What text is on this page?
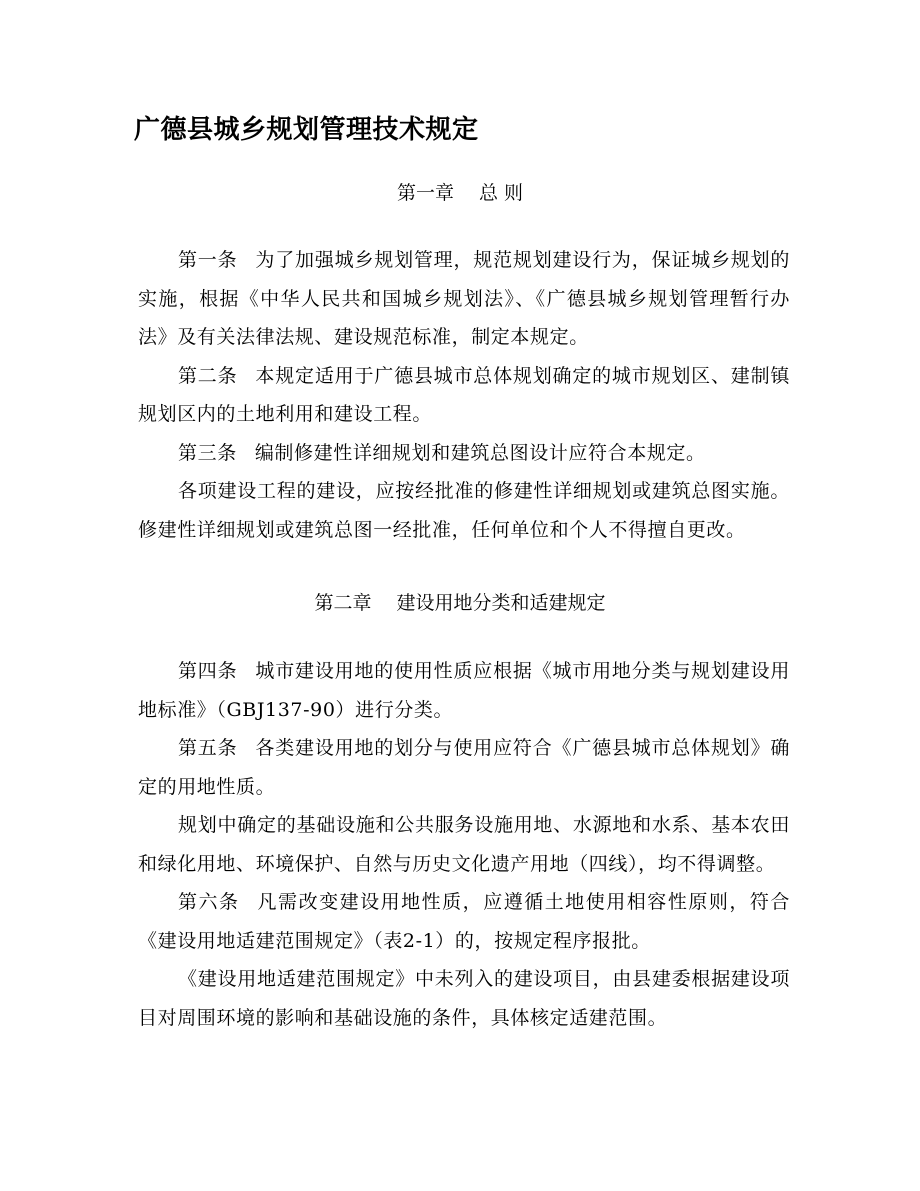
广德县城乡规划管理技术规定
第一章　 总 则

第一条 为了加强城乡规划管理，规范规划建设行为，保证城乡规划的实施，根据《中华人民共和国城乡规划法》、《广德县城乡规划管理暂行办法》及有关法律法规、建设规范标准，制定本规定。

第二条 本规定适用于广德县城市总体规划确定的城市规划区、建制镇规划区内的土地利用和建设工程。

第三条 编制修建性详细规划和建筑总图设计应符合本规定。

各项建设工程的建设，应按经批准的修建性详细规划或建筑总图实施。修建性详细规划或建筑总图一经批准，任何单位和个人不得擅自更改。

第二章　 建设用地分类和适建规定

第四条 城市建设用地的使用性质应根据《城市用地分类与规划建设用地标准》（GBJ137-90）进行分类。

第五条 各类建设用地的划分与使用应符合《广德县城市总体规划》确定的用地性质。

规划中确定的基础设施和公共服务设施用地、水源地和水系、基本农田和绿化用地、环境保护、自然与历史文化遗产用地（四线），均不得调整。

第六条 凡需改变建设用地性质，应遵循土地使用相容性原则，符合《建设用地适建范围规定》（表2-1）的，按规定程序报批。

《建设用地适建范围规定》中未列入的建设项目，由县建委根据建设项目对周围环境的影响和基础设施的条件，具体核定适建范围。
